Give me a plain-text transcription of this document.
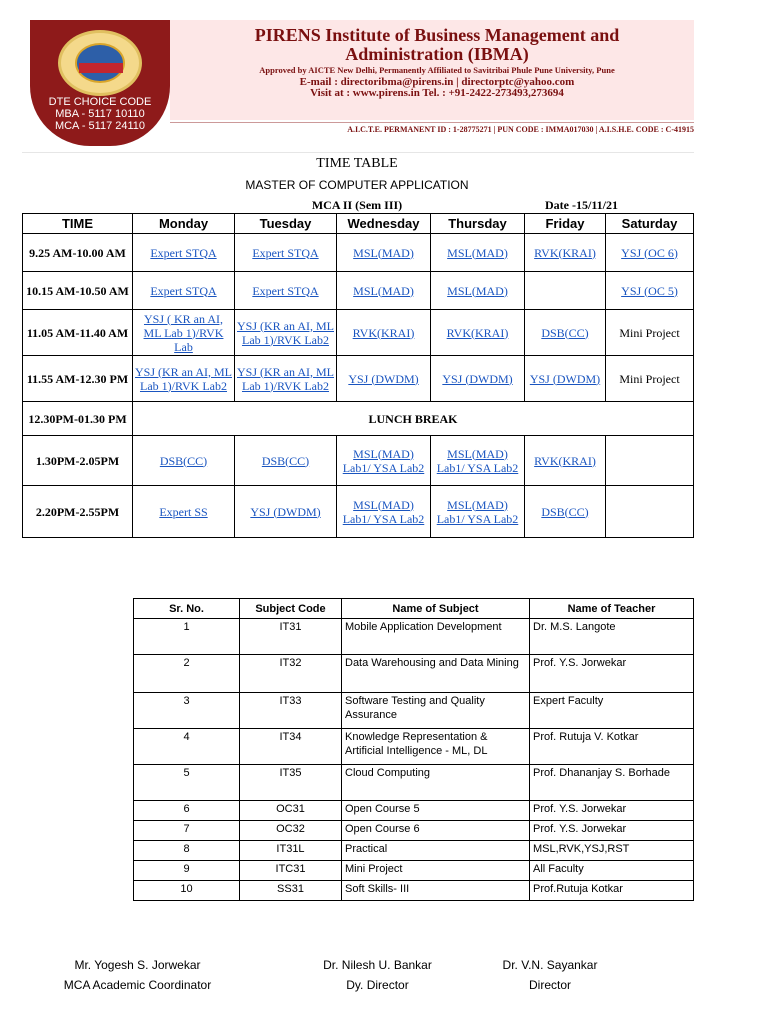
DTE CHOICE CODE
MBA - 5117 10110
MCA - 5117 24110
PIRENS Institute of Business Management and
Administration (IBMA)
Approved by AICTE New Delhi, Permanently Affiliated to Savitribai Phule Pune University, Pune
E-mail : directoribma@pirens.in | directorptc@yahoo.com
Visit at : www.pirens.in Tel. : +91-2422-273493,273694
A.I.C.T.E. PERMANENT ID : 1-28775271 | PUN CODE : IMMA017030 | A.I.S.H.E. CODE : C-41915
TIME TABLE
MASTER OF COMPUTER APPLICATION
MCA II (Sem III)	Date -15/11/21
TIME	Monday	Tuesday	Wednesday	Thursday	Friday	Saturday
9.25 AM-10.00 AM	Expert STQA	Expert STQA	MSL(MAD)	MSL(MAD)	RVK(KRAI)	YSJ (OC 6)
10.15 AM-10.50 AM	Expert STQA	Expert STQA	MSL(MAD)	MSL(MAD)		YSJ (OC 5)
11.05 AM-11.40 AM	YSJ ( KR an AI, ML Lab 1)/RVK Lab	YSJ (KR an AI, ML Lab 1)/RVK Lab2	RVK(KRAI)	RVK(KRAI)	DSB(CC)	Mini Project
11.55 AM-12.30 PM	YSJ (KR an AI, ML Lab 1)/RVK Lab2	YSJ (KR an AI, ML Lab 1)/RVK Lab2	YSJ (DWDM)	YSJ (DWDM)	YSJ (DWDM)	Mini Project
12.30PM-01.30 PM	LUNCH BREAK					
1.30PM-2.05PM	DSB(CC)	DSB(CC)	MSL(MAD) Lab1/ YSA Lab2	MSL(MAD) Lab1/ YSA Lab2	RVK(KRAI)	
2.20PM-2.55PM	Expert SS	YSJ (DWDM)	MSL(MAD) Lab1/ YSA Lab2	MSL(MAD) Lab1/ YSA Lab2	DSB(CC)	
Sr. No.	Subject Code	Name of Subject	Name of Teacher
1	IT31	Mobile Application Development	Dr. M.S. Langote
2	IT32	Data Warehousing and Data Mining	Prof. Y.S. Jorwekar
3	IT33	Software Testing and Quality Assurance	Expert Faculty
4	IT34	Knowledge Representation & Artificial Intelligence - ML, DL	Prof. Rutuja V. Kotkar
5	IT35	Cloud Computing	Prof. Dhananjay S. Borhade
6	OC31	Open Course 5	Prof. Y.S. Jorwekar
7	OC32	Open Course 6	Prof. Y.S. Jorwekar
8	IT31L	Practical	MSL,RVK,YSJ,RST
9	ITC31	Mini Project	All Faculty
10	SS31	Soft Skills- III	Prof.Rutuja Kotkar
Mr. Yogesh S. Jorwekar
MCA Academic Coordinator
Dr. Nilesh U. Bankar
Dy. Director
Dr. V.N. Sayankar
Director
